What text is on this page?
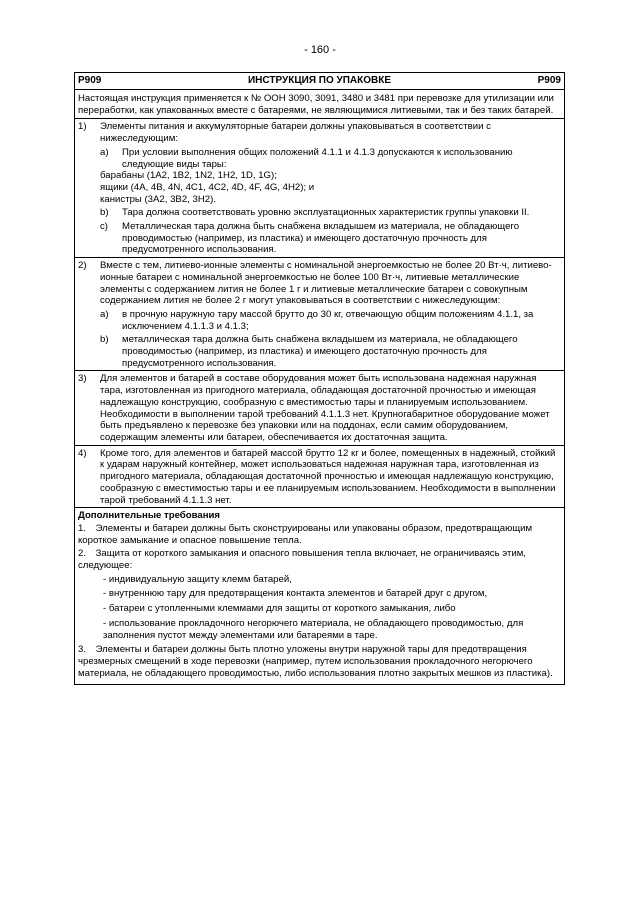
- 160 -
P909	ИНСТРУКЦИЯ ПО УПАКОВКЕ	P909
Настоящая инструкция применяется к № ООН 3090, 3091, 3480 и 3481 при перевозке для утилизации или переработки, как упакованных вместе с батареями, не являющимися литиевыми, так и без таких батарей.
1)	Элементы питания и аккумуляторные батареи должны упаковываться в соответствии с нижеследующим:
a)	При условии выполнения общих положений 4.1.1 и 4.1.3 допускаются к использованию следующие виды тары:
барабаны (1A2, 1B2, 1N2, 1H2, 1D, 1G);
ящики (4A, 4B, 4N, 4C1, 4C2, 4D, 4F, 4G, 4H2); и
канистры (3A2, 3B2, 3H2).
b)	Тара должна соответствовать уровню эксплуатационных характеристик группы упаковки II.
c)	Металлическая тара должна быть снабжена вкладышем из материала, не обладающего проводимостью (например, из пластика) и имеющего достаточную прочность для предусмотренного использования.
2)	Вместе с тем, литиево-ионные элементы с номинальной энергоемкостью не более 20 Вт·ч, литиево-ионные батареи с номинальной энергоемкостью не более 100 Вт·ч, литиевые металлические элементы с содержанием лития не более 1 г и литиевые металлические батареи с совокупным содержанием лития не более 2 г могут упаковываться в соответствии с нижеследующим:
a)	в прочную наружную тару массой брутто до 30 кг, отвечающую общим положениям 4.1.1, за исключением 4.1.1.3 и 4.1.3;
b)	металлическая тара должна быть снабжена вкладышем из материала, не обладающего проводимостью (например, из пластика) и имеющего достаточную прочность для предусмотренного использования.
3)	Для элементов и батарей в составе оборудования может быть использована надежная наружная тара, изготовленная из пригодного материала, обладающая достаточной прочностью и имеющая надлежащую конструкцию, сообразную с вместимостью тары и планируемым использованием. Необходимости в выполнении тарой требований 4.1.1.3 нет. Крупногабаритное оборудование может быть предъявлено к перевозке без упаковки или на поддонах, если самим оборудованием, содержащим элементы или батареи, обеспечивается их достаточная защита.
4)	Кроме того, для элементов и батарей массой брутто 12 кг и более, помещенных в надежный, стойкий к ударам наружный контейнер, может использоваться надежная наружная тара, изготовленная из пригодного материала, обладающая достаточной прочностью и имеющая надлежащую конструкцию, сообразную с вместимостью тары и ее планируемым использованием. Необходимости в выполнении тарой требований 4.1.1.3 нет.
Дополнительные требования

1. Элементы и батареи должны быть сконструированы или упакованы образом, предотвращающим короткое замыкание и опасное повышение тепла.

2. Защита от короткого замыкания и опасного повышения тепла включает, не ограничиваясь этим, следующее:

- индивидуальную защиту клемм батарей,
- внутреннюю тару для предотвращения контакта элементов и батарей друг с другом,
- батареи с утопленными клеммами для защиты от короткого замыкания, либо
- использование прокладочного негорючего материала, не обладающего проводимостью, для заполнения пустот между элементами или батареями в таре.

3. Элементы и батареи должны быть плотно уложены внутри наружной тары для предотвращения чрезмерных смещений в ходе перевозки (например, путем использования прокладочного негорючего материала, не обладающего проводимостью, либо использования плотно закрытых мешков из пластика).
